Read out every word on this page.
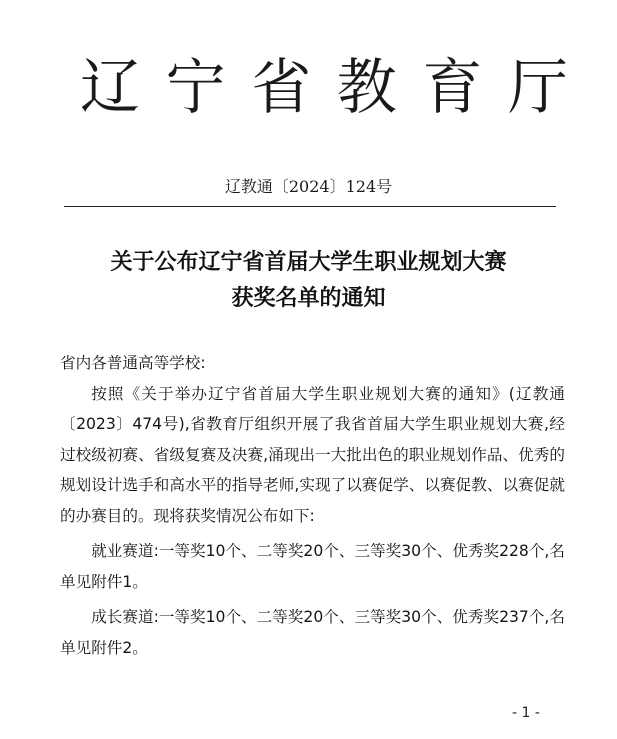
辽 宁 省 教 育 厅
辽教通〔2024〕124号
关于公布辽宁省首届大学生职业规划大赛
获奖名单的通知

省内各普通高等学校:

按照《关于举办辽宁省首届大学生职业规划大赛的通知》(辽教通〔2023〕474号),省教育厅组织开展了我省首届大学生职业规划大赛,经过校级初赛、省级复赛及决赛,涌现出一大批出色的职业规划作品、优秀的规划设计选手和高水平的指导老师,实现了以赛促学、以赛促教、以赛促就的办赛目的。现将获奖情况公布如下:

就业赛道:一等奖10个、二等奖20个、三等奖30个、优秀奖228个,名单见附件1。

成长赛道:一等奖10个、二等奖20个、三等奖30个、优秀奖237个,名单见附件2。

- 1 -
